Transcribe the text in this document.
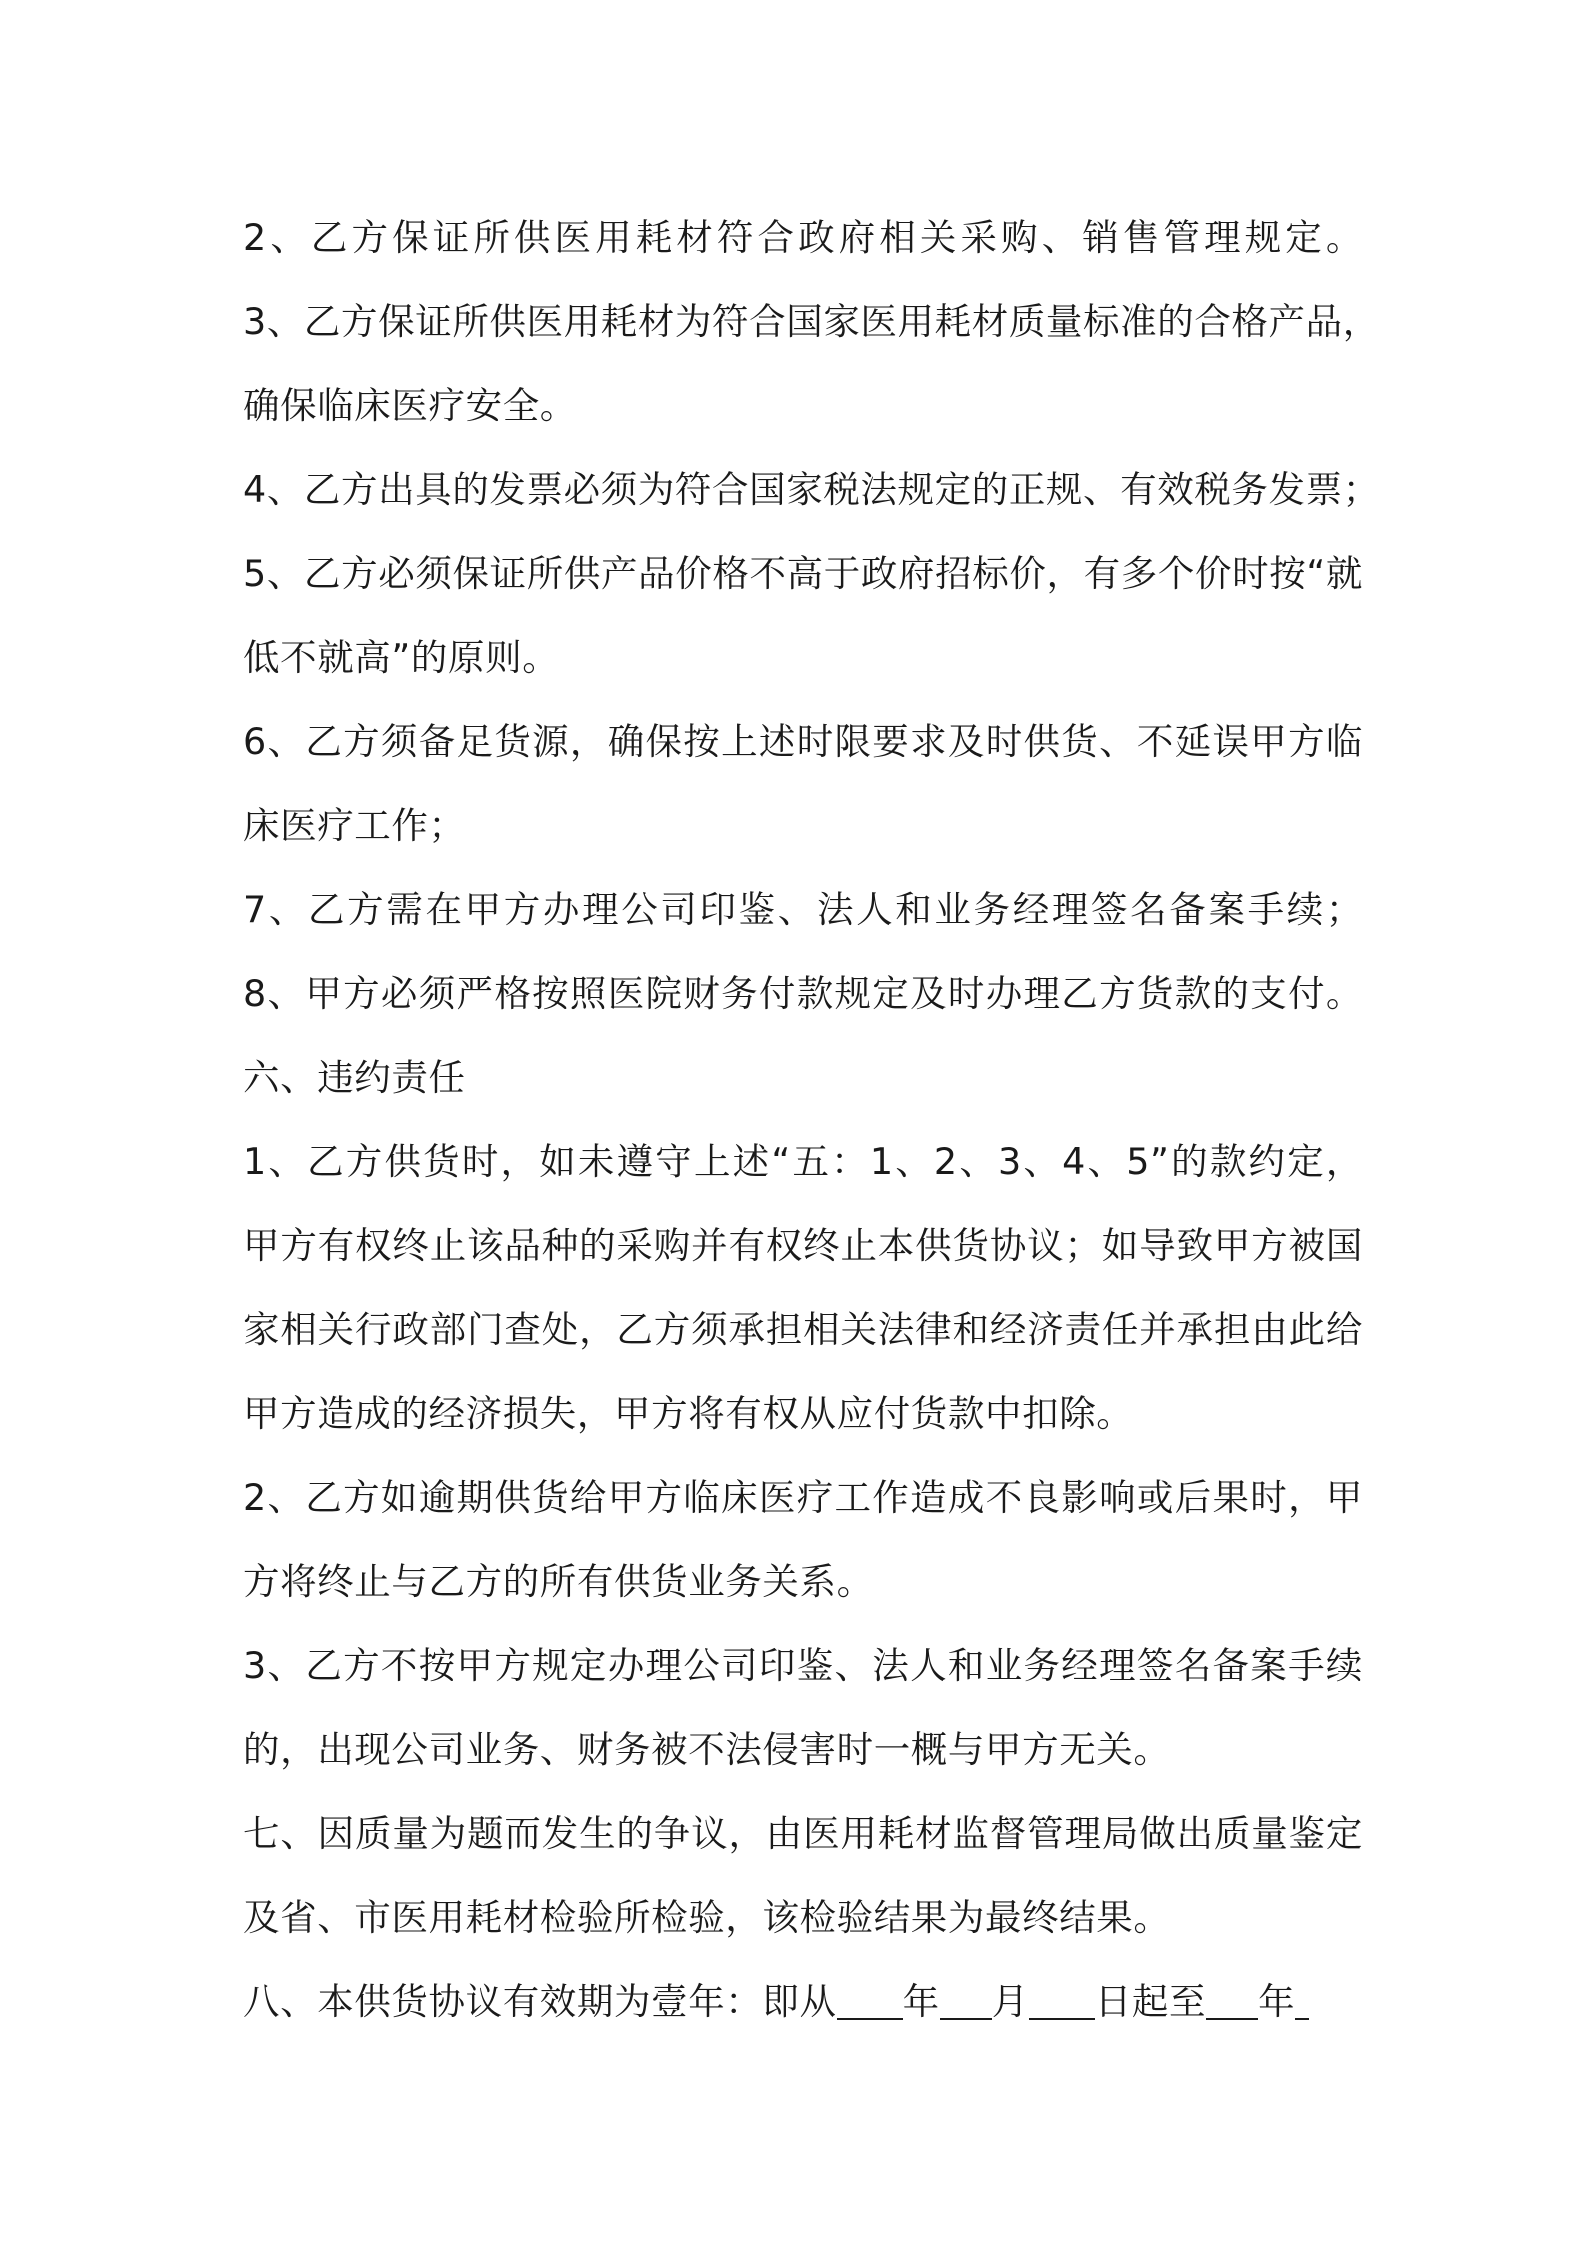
2、乙方保证所供医用耗材符合政府相关采购、销售管理规定。
3、乙方保证所供医用耗材为符合国家医用耗材质量标准的合格产品，
确保临床医疗安全。
4、乙方出具的发票必须为符合国家税法规定的正规、有效税务发票；
5、乙方必须保证所供产品价格不高于政府招标价，有多个价时按“就
低不就高”的原则。
6、乙方须备足货源，确保按上述时限要求及时供货、不延误甲方临
床医疗工作；
7、乙方需在甲方办理公司印鉴、法人和业务经理签名备案手续；
8、甲方必须严格按照医院财务付款规定及时办理乙方货款的支付。
六、违约责任
1、乙方供货时，如未遵守上述“五：1、2、3、4、5”的款约定，
甲方有权终止该品种的采购并有权终止本供货协议；如导致甲方被国
家相关行政部门查处，乙方须承担相关法律和经济责任并承担由此给
甲方造成的经济损失，甲方将有权从应付货款中扣除。
2、乙方如逾期供货给甲方临床医疗工作造成不良影响或后果时，甲
方将终止与乙方的所有供货业务关系。
3、乙方不按甲方规定办理公司印鉴、法人和业务经理签名备案手续
的，出现公司业务、财务被不法侵害时一概与甲方无关。
七、因质量为题而发生的争议，由医用耗材监督管理局做出质量鉴定
及省、市医用耗材检验所检验，该检验结果为最终结果。
八、本供货协议有效期为壹年：即从 年 月 日起至 年
